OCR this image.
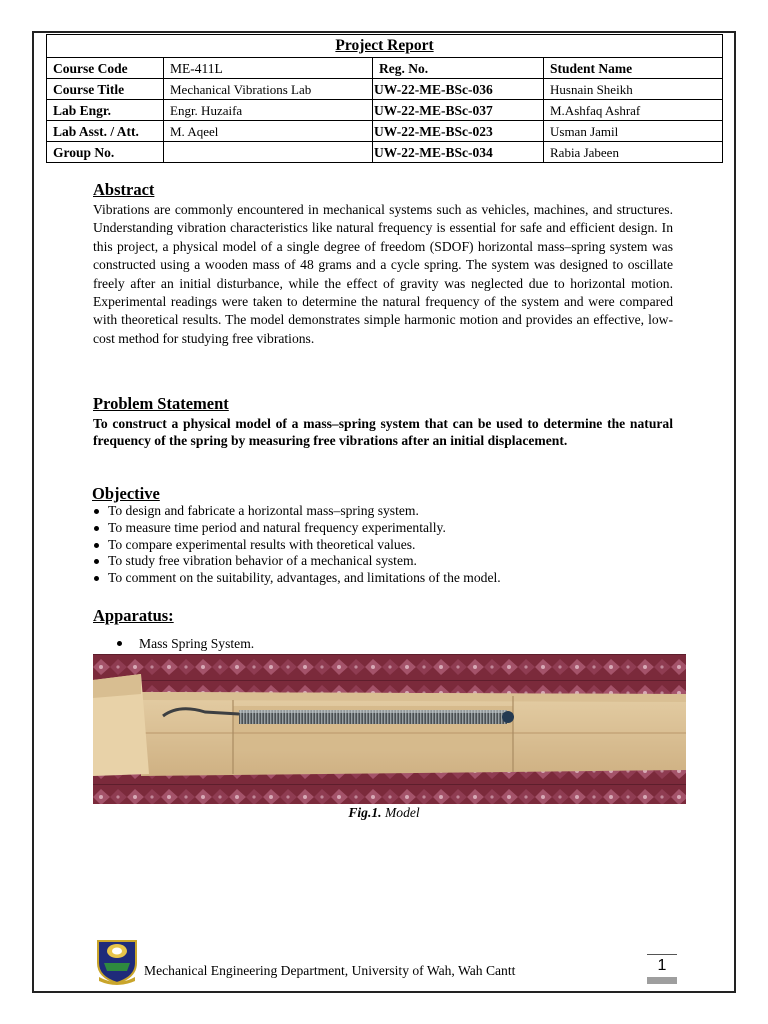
Project Report			
Course Code	ME-411L	Reg. No.	Student Name
Course Title	Mechanical Vibrations Lab	UW-22-ME-BSc-036	Husnain Sheikh
Lab Engr.	Engr. Huzaifa	UW-22-ME-BSc-037	M.Ashfaq Ashraf
Lab Asst. / Att.	M. Aqeel	UW-22-ME-BSc-023	Usman Jamil
Group No.		UW-22-ME-BSc-034	Rabia Jabeen
Abstract

Vibrations are commonly encountered in mechanical systems such as vehicles, machines, and structures. Understanding vibration characteristics like natural frequency is essential for safe and efficient design. In this project, a physical model of a single degree of freedom (SDOF) horizontal mass–spring system was constructed using a wooden mass of 48 grams and a cycle spring. The system was designed to oscillate freely after an initial disturbance, while the effect of gravity was neglected due to horizontal motion. Experimental readings were taken to determine the natural frequency of the system and were compared with theoretical results. The model demonstrates simple harmonic motion and provides an effective, low-cost method for studying free vibrations.

Problem Statement

To construct a physical model of a mass–spring system that can be used to determine the natural frequency of the spring by measuring free vibrations after an initial displacement.

Objective
To design and fabricate a horizontal mass–spring system.
To measure time period and natural frequency experimentally.
To compare experimental results with theoretical values.
To study free vibration behavior of a mechanical system.
To comment on the suitability, advantages, and limitations of the model.
Apparatus:
Mass Spring System.
Fig.1. Model
Mechanical Engineering Department, University of Wah, Wah Cantt	1
